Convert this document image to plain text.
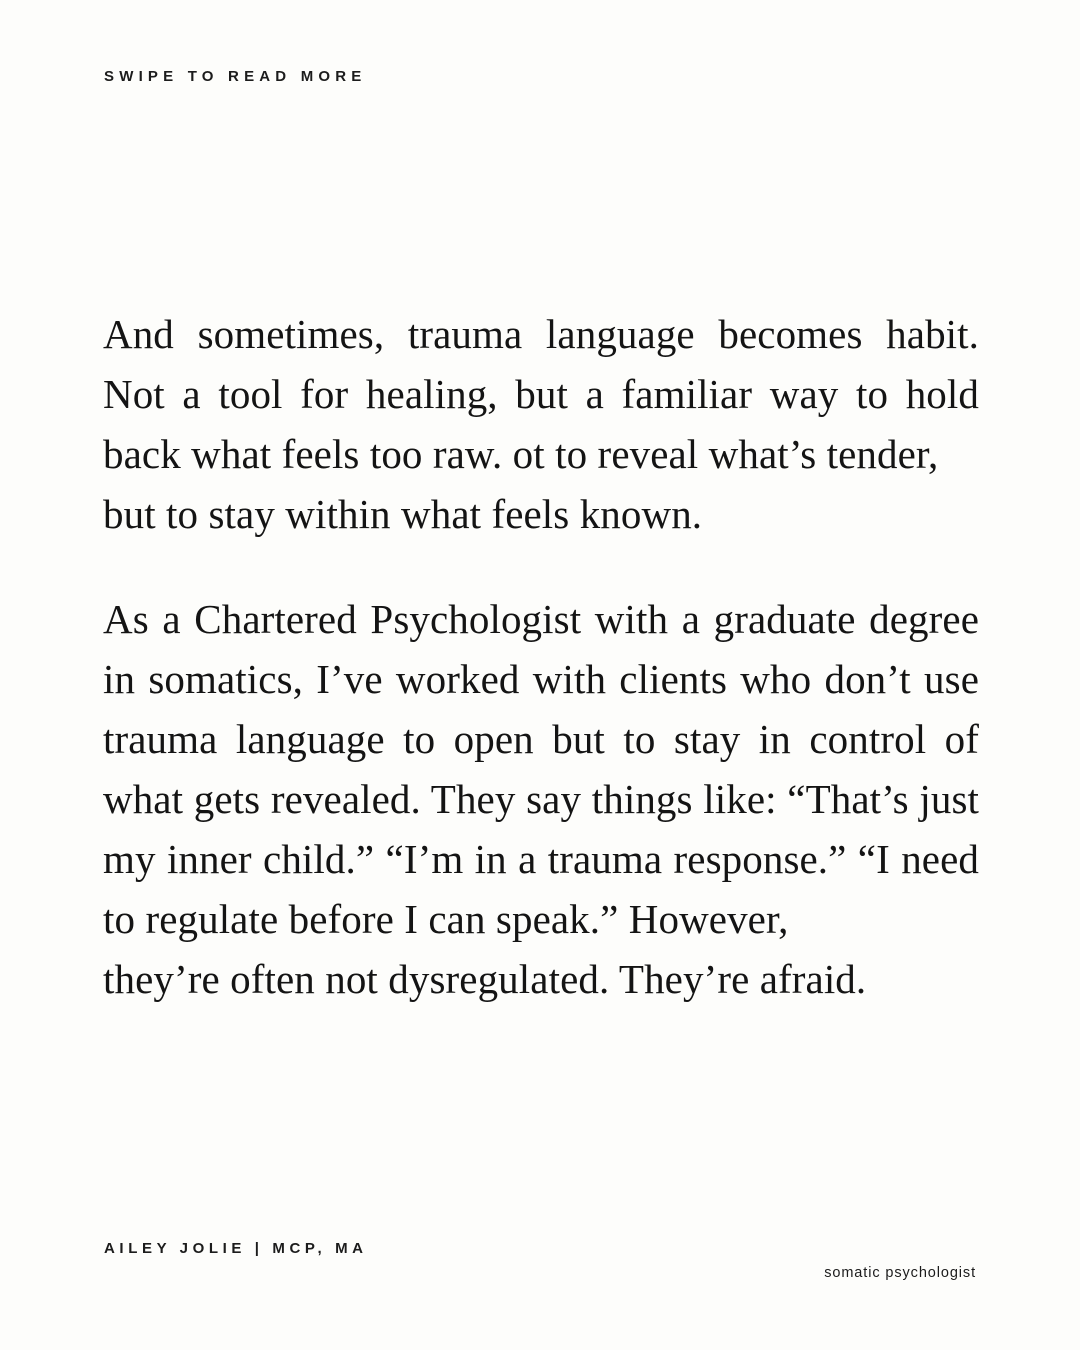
SWIPE TO READ MORE

And sometimes, trauma language becomes habit. Not a tool for healing, but a familiar way to hold back what feels too raw. ot to reveal what’s tender,
but to stay within what feels known.

As a Chartered Psychologist with a graduate degree in somatics, I’ve worked with clients who don’t use trauma language to open but to stay in control of what gets revealed. They say things like: “That’s just my inner child.” “I’m in a trauma response.” “I need to regulate before I can speak.” However,
they’re often not dysregulated. They’re afraid.

AILEY JOLIE | MCP, MA
somatic psychologist
